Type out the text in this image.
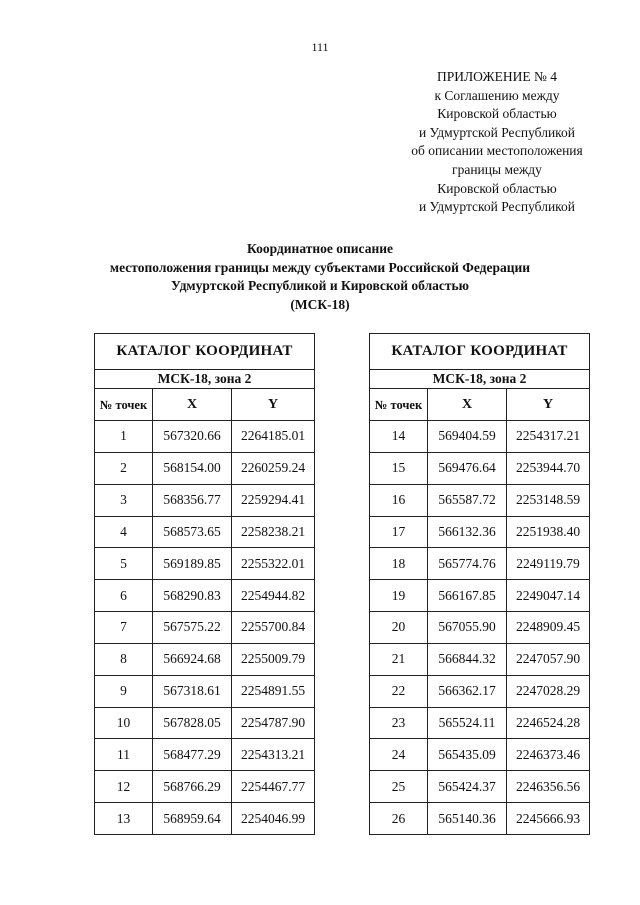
111
ПРИЛОЖЕНИЕ № 4
к Соглашению между
Кировской областью
и Удмуртской Республикой
об описании местоположения
границы между
Кировской областью
и Удмуртской Республикой
Координатное описание
местоположения границы между субъектами Российской Федерации
Удмуртской Республикой и Кировской областью
(МСК-18)
КАТАЛОГ КООРДИНАТ		
МСК-18, зона 2		
№ точек	X	Y
1	567320.66	2264185.01
2	568154.00	2260259.24
3	568356.77	2259294.41
4	568573.65	2258238.21
5	569189.85	2255322.01
6	568290.83	2254944.82
7	567575.22	2255700.84
8	566924.68	2255009.79
9	567318.61	2254891.55
10	567828.05	2254787.90
11	568477.29	2254313.21
12	568766.29	2254467.77
13	568959.64	2254046.99
КАТАЛОГ КООРДИНАТ		
МСК-18, зона 2		
№ точек	X	Y
14	569404.59	2254317.21
15	569476.64	2253944.70
16	565587.72	2253148.59
17	566132.36	2251938.40
18	565774.76	2249119.79
19	566167.85	2249047.14
20	567055.90	2248909.45
21	566844.32	2247057.90
22	566362.17	2247028.29
23	565524.11	2246524.28
24	565435.09	2246373.46
25	565424.37	2246356.56
26	565140.36	2245666.93
